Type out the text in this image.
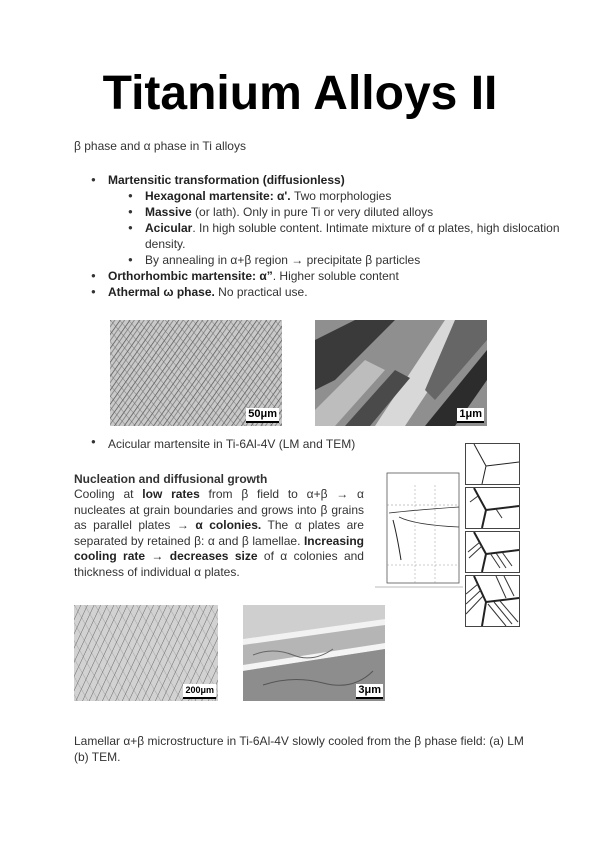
Titanium Alloys II
β phase and α phase in Ti alloys
● Martensitic transformation (diffusionless)
● Hexagonal martensite: α'. Two morphologies
● Massive (or lath). Only in pure Ti or very diluted alloys
● Acicular. In high soluble content. Intimate mixture of α plates, high dislocation density.
● By annealing in α+β region → precipitate β particles
● Orthorhombic martensite: α”. Higher soluble content
● Athermal ω phase. No practical use.
50μm	1μm
● Acicular martensite in Ti-6Al-4V (LM and TEM)
Nucleation and diffusional growth
Cooling at low rates from β field to α+β → α nucleates at grain boundaries and grows into β grains as parallel plates → α colonies. The α plates are separated by retained β: α and β lamellae. Increasing cooling rate → decreases size of α colonies and thickness of individual α plates.
200μm	3μm
Lamellar α+β microstructure in Ti-6Al-4V slowly cooled from the β phase field: (a) LM (b) TEM.
